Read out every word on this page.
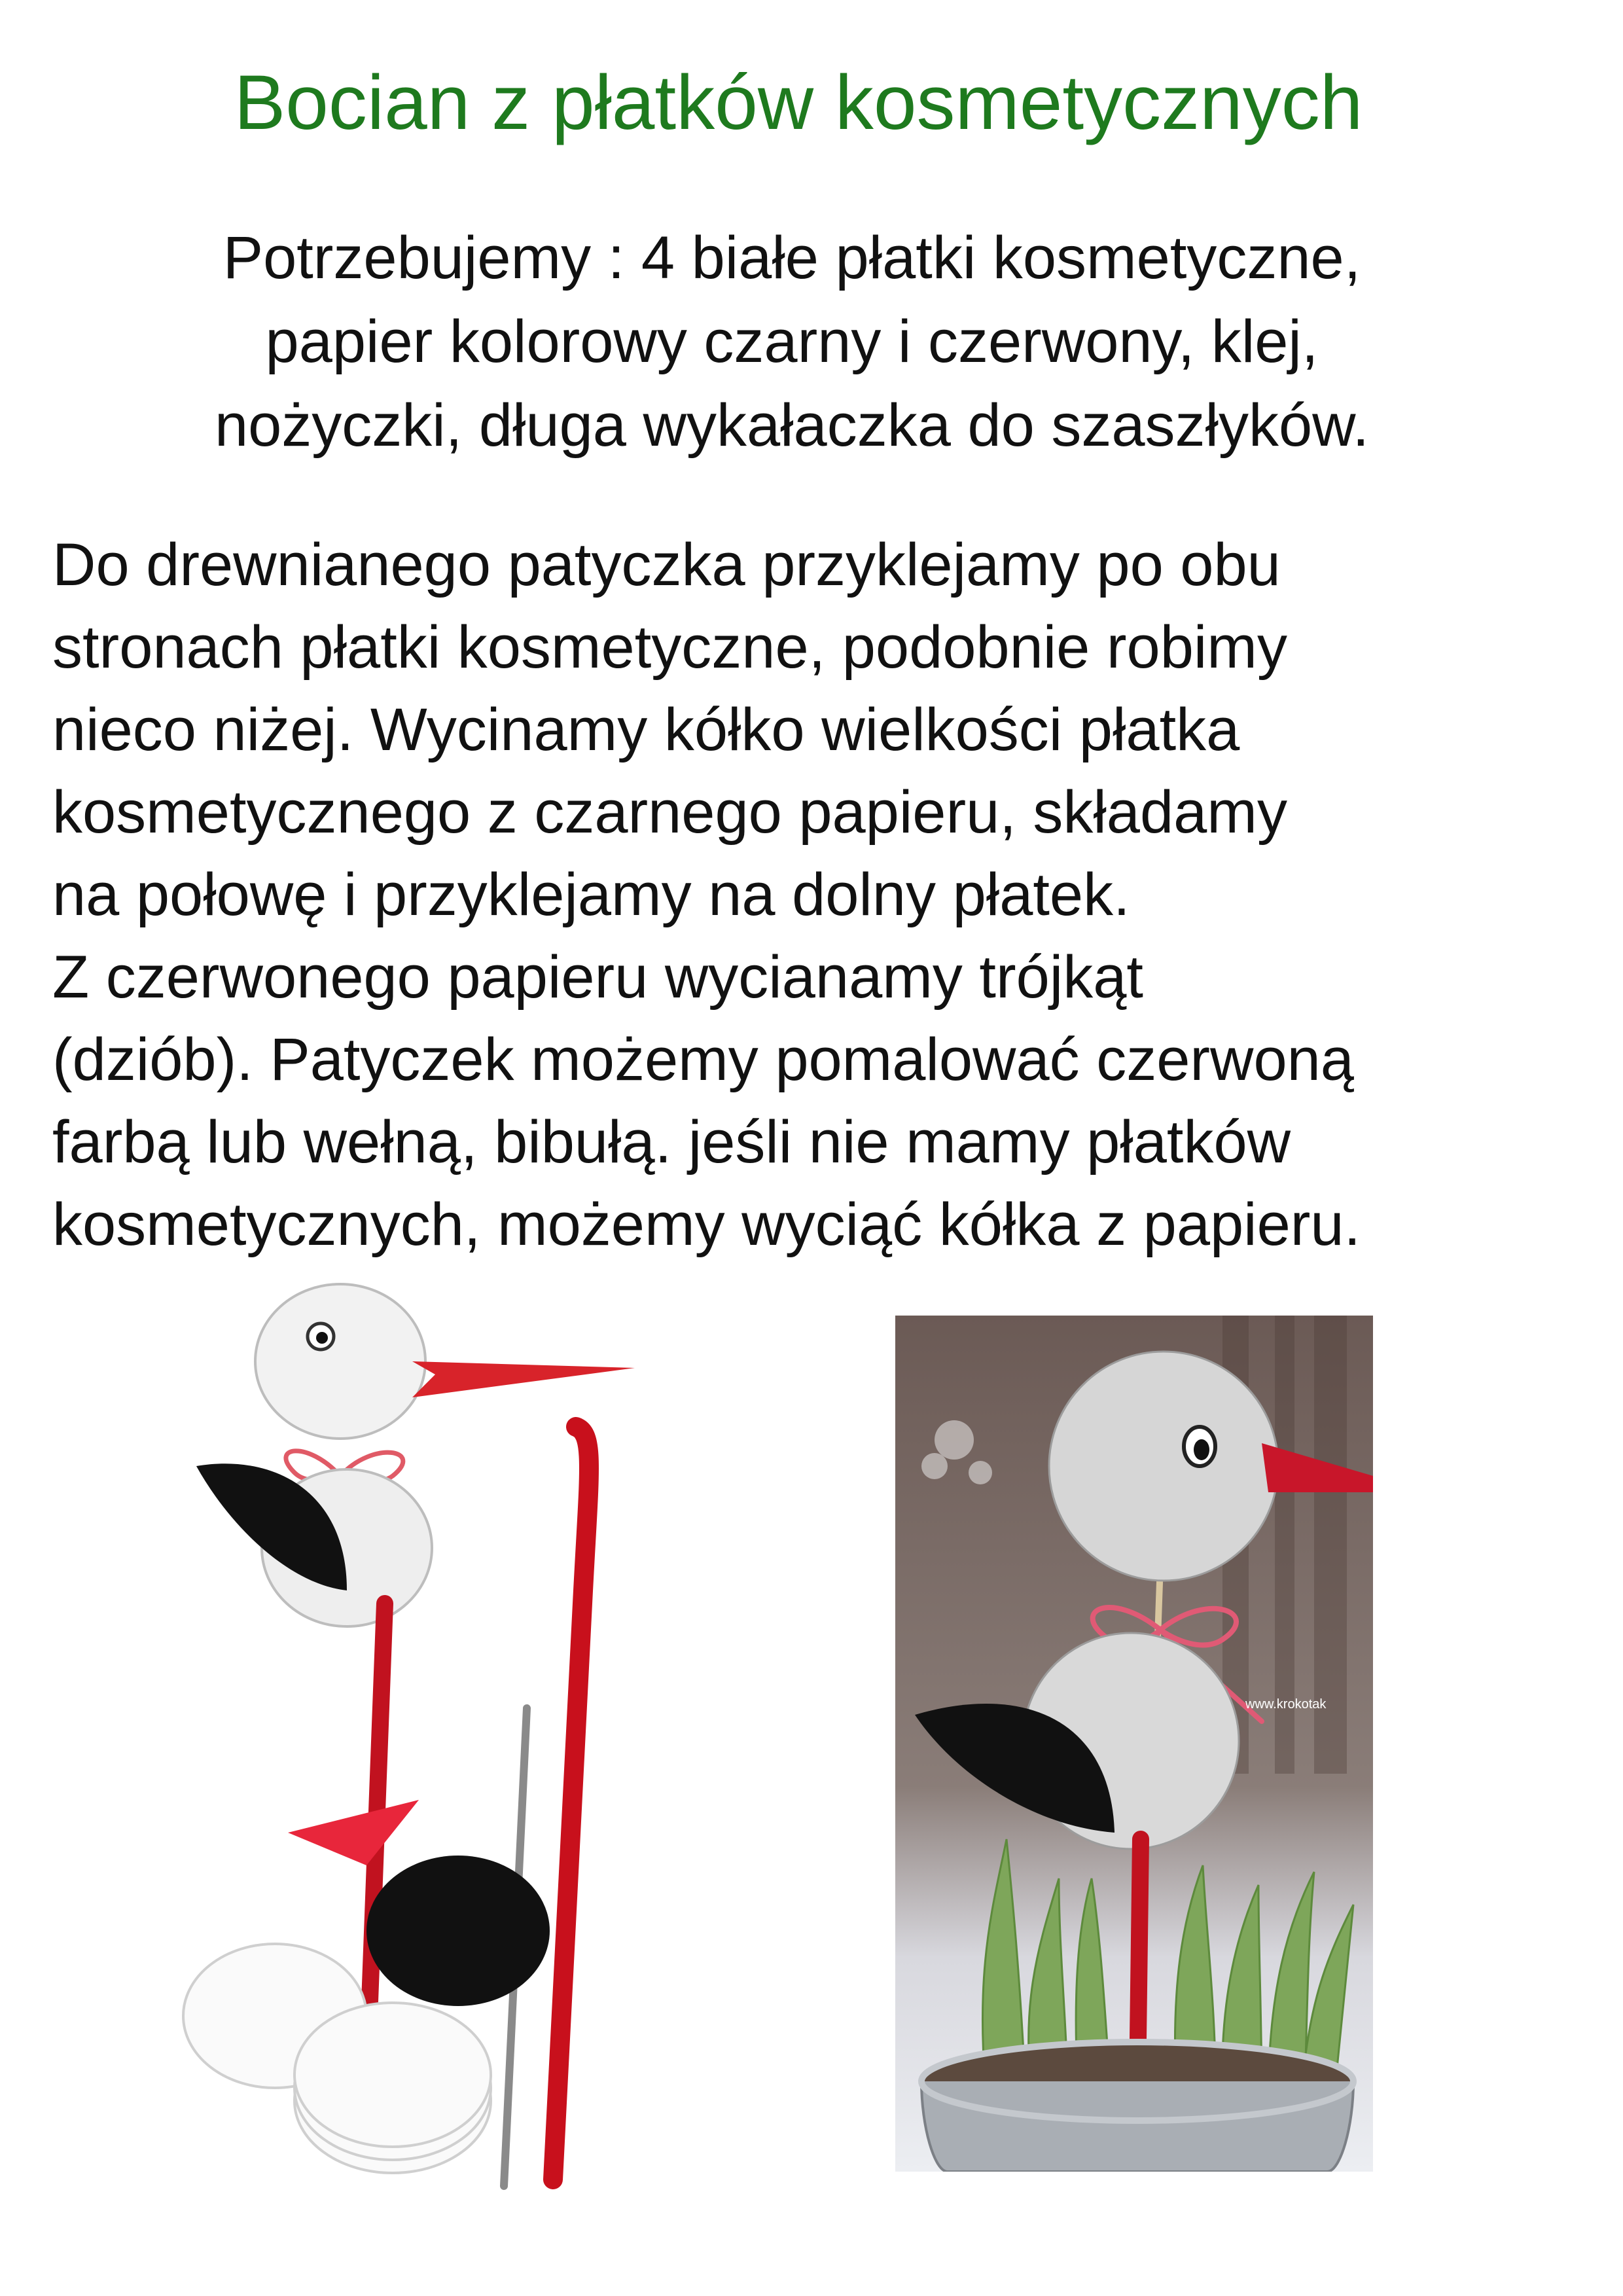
Bocian z płatków kosmetycznych

Potrzebujemy : 4 białe płatki kosmetyczne,
papier kolorowy czarny i czerwony, klej,
nożyczki, długa wykałaczka do szaszłyków.

Do drewnianego patyczka przyklejamy po obu
stronach płatki kosmetyczne, podobnie robimy
nieco niżej. Wycinamy kółko wielkości płatka
kosmetycznego z czarnego papieru, składamy
na połowę i przyklejamy na dolny płatek.
Z czerwonego papieru wycianamy trójkąt
(dziób). Patyczek możemy pomalować czerwoną
farbą lub wełną, bibułą. jeśli nie mamy płatków
kosmetycznych, możemy wyciąć kółka z papieru.

www.krokotak
